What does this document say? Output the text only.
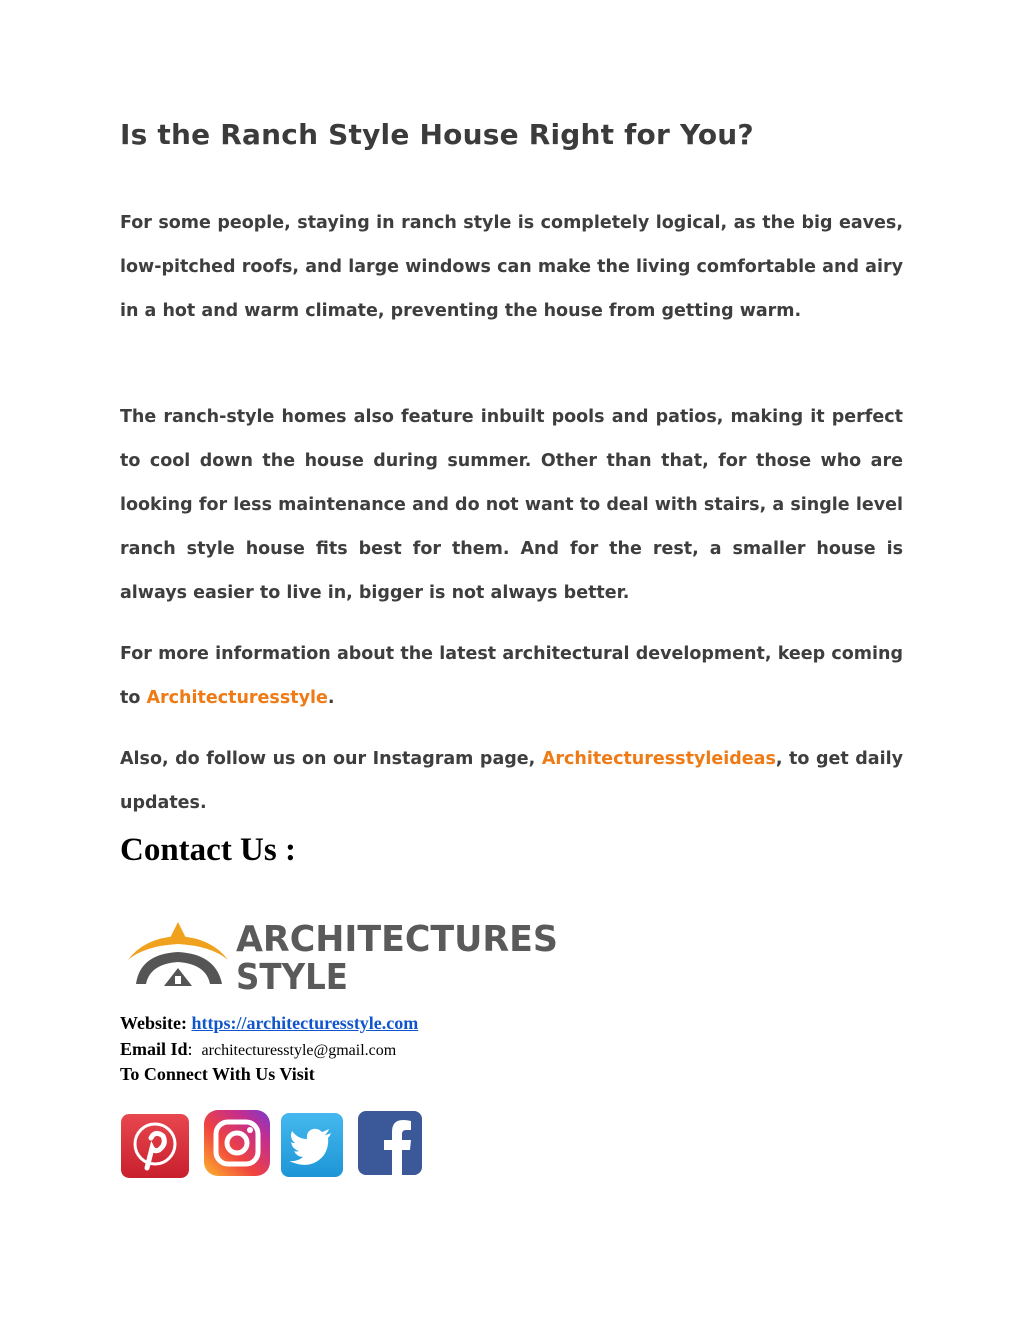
Is the Ranch Style House Right for You?

For some people, staying in ranch style is completely logical, as the big eaves, low-pitched roofs, and large windows can make the living comfortable and airy in a hot and warm climate, preventing the house from getting warm.

The ranch-style homes also feature inbuilt pools and patios, making it perfect to cool down the house during summer. Other than that, for those who are looking for less maintenance and do not want to deal with stairs, a single level ranch style house fits best for them. And for the rest, a smaller house is always easier to live in, bigger is not always better.

For more information about the latest architectural development, keep coming to Architecturesstyle.

Also, do follow us on our Instagram page, Architecturesstyleideas, to get daily updates.

Contact Us :
ARCHITECTURES
STYLE

Website: https://architecturesstyle.com

Email Id: architecturesstyle@gmail.com

To Connect With Us Visit
